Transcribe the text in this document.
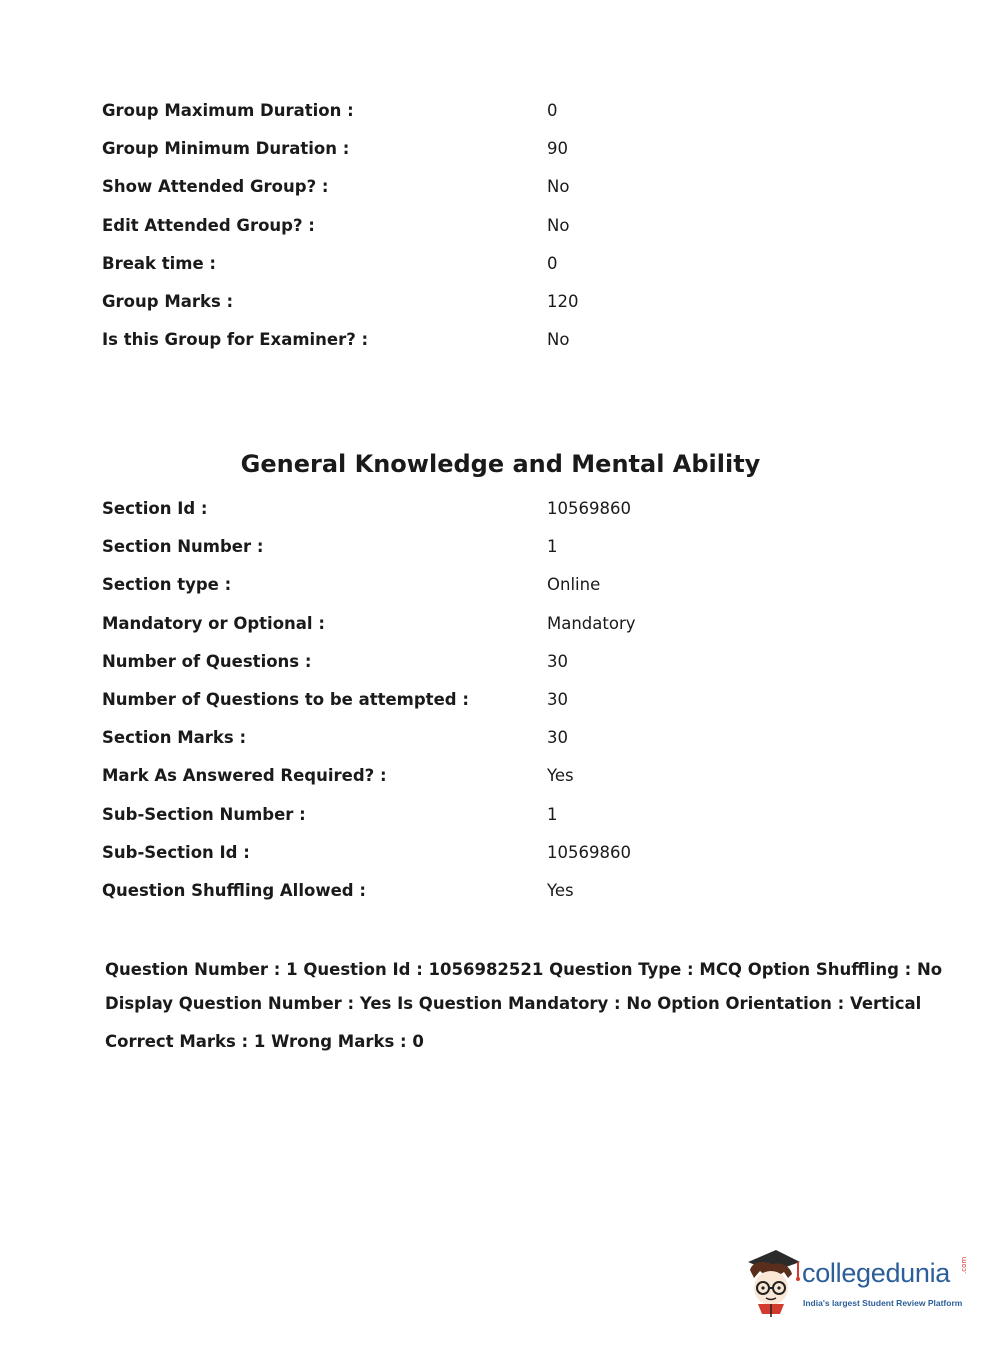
Group Maximum Duration :	0
Group Minimum Duration :	90
Show Attended Group? :	No
Edit Attended Group? :	No
Break time :	0
Group Marks :	120
Is this Group for Examiner? :	No
General Knowledge and Mental Ability
Section Id :	10569860
Section Number :	1
Section type :	Online
Mandatory or Optional :	Mandatory
Number of Questions :	30
Number of Questions to be attempted :	30
Section Marks :	30
Mark As Answered Required? :	Yes
Sub-Section Number :	1
Sub-Section Id :	10569860
Question Shuffling Allowed :	Yes
Question Number : 1 Question Id : 1056982521 Question Type : MCQ Option Shuffling : No
Display Question Number : Yes Is Question Mandatory : No Option Orientation : Vertical
Correct Marks : 1 Wrong Marks : 0
collegedunia .com
India's largest Student Review Platform
